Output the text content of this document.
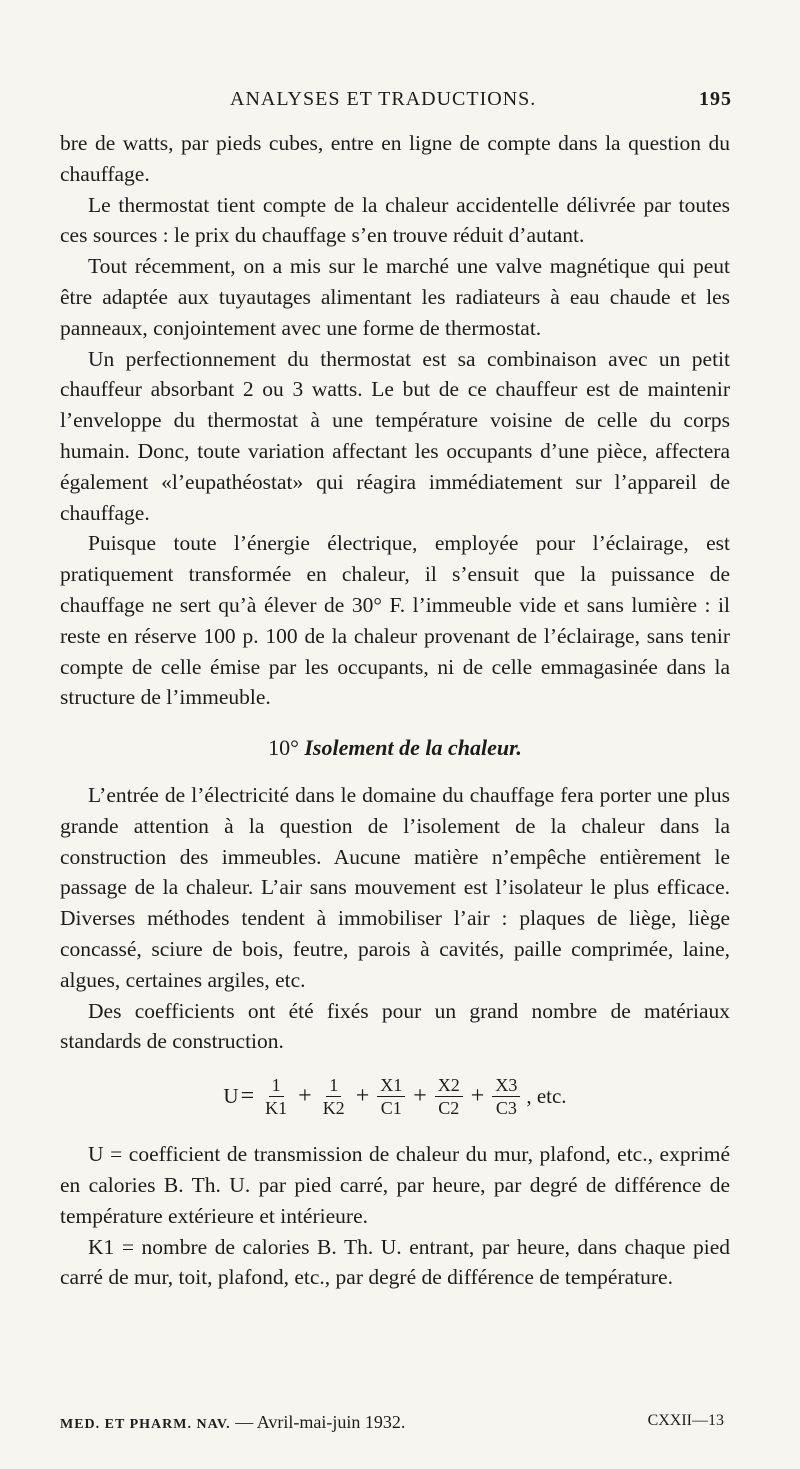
ANALYSES ET TRADUCTIONS.	195

bre de watts, par pieds cubes, entre en ligne de compte dans la question du chauffage.

Le thermostat tient compte de la chaleur accidentelle délivrée par toutes ces sources : le prix du chauffage s’en trouve réduit d’autant.

Tout récemment, on a mis sur le marché une valve magnétique qui peut être adaptée aux tuyautages alimentant les radiateurs à eau chaude et les panneaux, conjointement avec une forme de thermostat.

Un perfectionnement du thermostat est sa combinaison avec un petit chauffeur absorbant 2 ou 3 watts. Le but de ce chauffeur est de maintenir l’enveloppe du thermostat à une température voisine de celle du corps humain. Donc, toute variation affectant les occupants d’une pièce, affectera également «l’eupathéostat» qui réagira immédiatement sur l’appareil de chauffage.

Puisque toute l’énergie électrique, employée pour l’éclairage, est pratiquement transformée en chaleur, il s’ensuit que la puissance de chauffage ne sert qu’à élever de 30° F. l’immeuble vide et sans lumière : il reste en réserve 100 p. 100 de la chaleur provenant de l’éclairage, sans tenir compte de celle émise par les occupants, ni de celle emmagasinée dans la structure de l’immeuble.

10° Isolement de la chaleur.

L’entrée de l’électricité dans le domaine du chauffage fera porter une plus grande attention à la question de l’isolement de la chaleur dans la construction des immeubles. Aucune matière n’empêche entièrement le passage de la chaleur. L’air sans mouvement est l’isolateur le plus efficace. Diverses méthodes tendent à immobiliser l’air : plaques de liège, liège concassé, sciure de bois, feutre, parois à cavités, paille comprimée, laine, algues, certaines argiles, etc.

Des coefficients ont été fixés pour un grand nombre de matériaux standards de construction.

$U = \frac{1}{K1} + \frac{1}{K2} + \frac{X1}{C1} + \frac{X2}{C2} + \frac{X3}{C3}$ , etc.

U = coefficient de transmission de chaleur du mur, plafond, etc., exprimé en calories B. Th. U. par pied carré, par heure, par degré de différence de température extérieure et intérieure.

K1 = nombre de calories B. Th. U. entrant, par heure, dans chaque pied carré de mur, toit, plafond, etc., par degré de différence de température.

MED. ET PHARM. NAV. — Avril-mai-juin 1932.	CXXII—13
